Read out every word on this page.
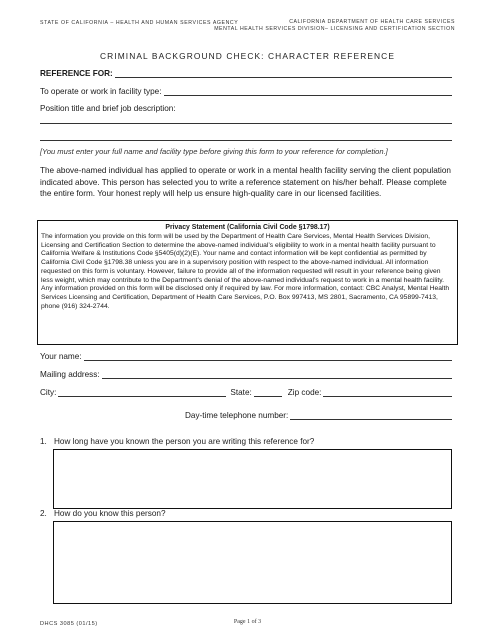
STATE OF CALIFORNIA – HEALTH AND HUMAN SERVICES AGENCY	CALIFORNIA DEPARTMENT OF HEALTH CARE SERVICES
MENTAL HEALTH SERVICES DIVISION– LICENSING AND CERTIFICATION SECTION
CRIMINAL BACKGROUND CHECK: CHARACTER REFERENCE
REFERENCE FOR:
To operate or work in facility type:
Position title and brief job description:
[You must enter your full name and facility type before giving this form to your reference for completion.]
The above-named individual has applied to operate or work in a mental health facility serving the client population indicated above. This person has selected you to write a reference statement on his/her behalf. Please complete the entire form. Your honest reply will help us ensure high-quality care in our licensed facilities.
Privacy Statement (California Civil Code §1798.17)
The information you provide on this form will be used by the Department of Health Care Services, Mental Health Services Division, Licensing and Certification Section to determine the above-named individual’s eligibility to work in a mental health facility pursuant to California Welfare & Institutions Code §5405(d)(2)(E). Your name and contact information will be kept confidential as permitted by California Civil Code §1798.38 unless you are in a supervisory position with respect to the above-named individual. All information requested on this form is voluntary. However, failure to provide all of the information requested will result in your reference being given less weight, which may contribute to the Department’s denial of the above-named individual’s request to work in a mental health facility. Any information provided on this form will be disclosed only if required by law. For more information, contact: CBC Analyst, Mental Health Services Licensing and Certification, Department of Health Care Services, P.O. Box 997413, MS 2801, Sacramento, CA 95899-7413, phone (916) 324-2744.
Your name:
Mailing address:
City:	State:	Zip code:
Day-time telephone number:
1. How long have you known the person you are writing this reference for?
2. How do you know this person?
DHCS 3085 (01/15)	Page 1 of 3
